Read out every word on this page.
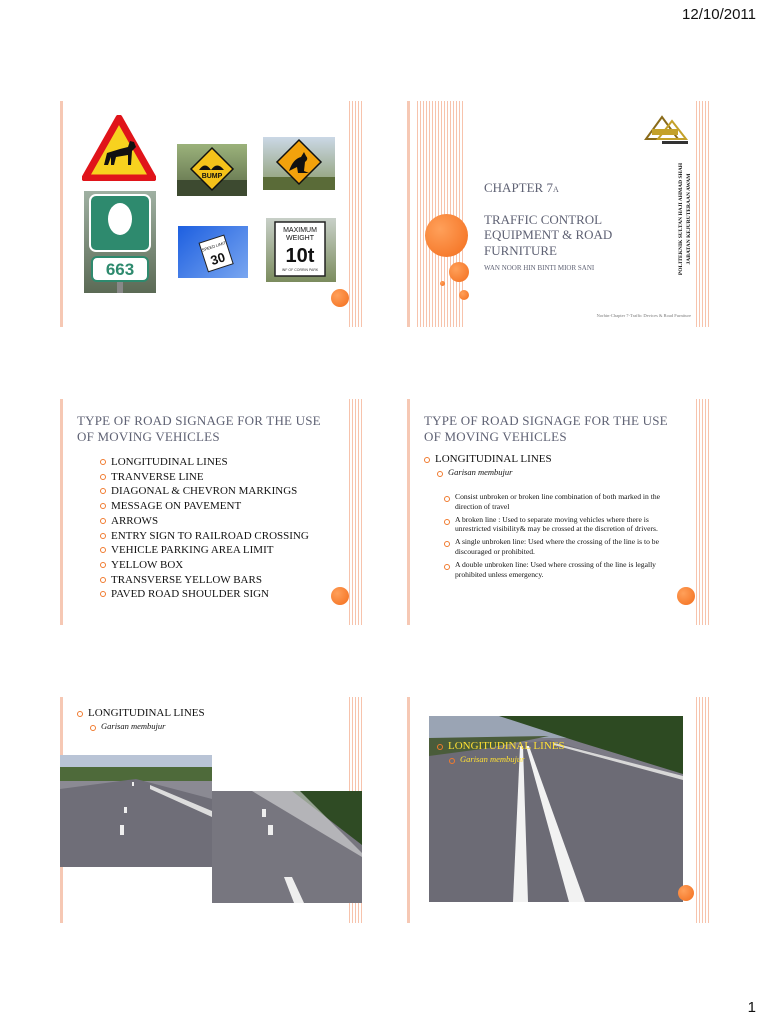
12/10/2011
BUMP
663
SPEED LIMIT
30
MAXIMUM
WEIGHT
10t
INF OF CORRIN PARK
CHAPTER 7A
TRAFFIC CONTROL EQUIPMENT & ROAD FURNITURE
WAN NOOR HIN BINTI MIOR SANI	POLITEKNIK SULTAN HAJI AHMAD SHAH JABATAN KEJURUTERAAN AWAM
Norhin-Chapter 7-Traffic Devices & Road Furniture
TYPE OF ROAD SIGNAGE FOR THE USE OF MOVING VEHICLES
LONGITUDINAL LINES
TRANVERSE LINE
DIAGONAL & CHEVRON MARKINGS
MESSAGE ON PAVEMENT
ARROWS
ENTRY SIGN TO RAILROAD CROSSING
VEHICLE PARKING AREA LIMIT
YELLOW BOX
TRANSVERSE YELLOW BARS
PAVED ROAD SHOULDER SIGN
TYPE OF ROAD SIGNAGE FOR THE USE OF MOVING VEHICLES
LONGITUDINAL LINES
Garisan membujur
Consist unbroken or broken line combination of both marked in the direction of travel
A broken line : Used to separate moving vehicles where there is unrestricted visibility& may be crossed at the discretion of drivers.
A single unbroken line: Used where the crossing of the line is to be discouraged or prohibited.
A double unbroken line: Used where crossing of the line is legally prohibited unless emergency.
LONGITUDINAL LINES
Garisan membujur
LONGITUDINAL LINES
Garisan membujur
1
